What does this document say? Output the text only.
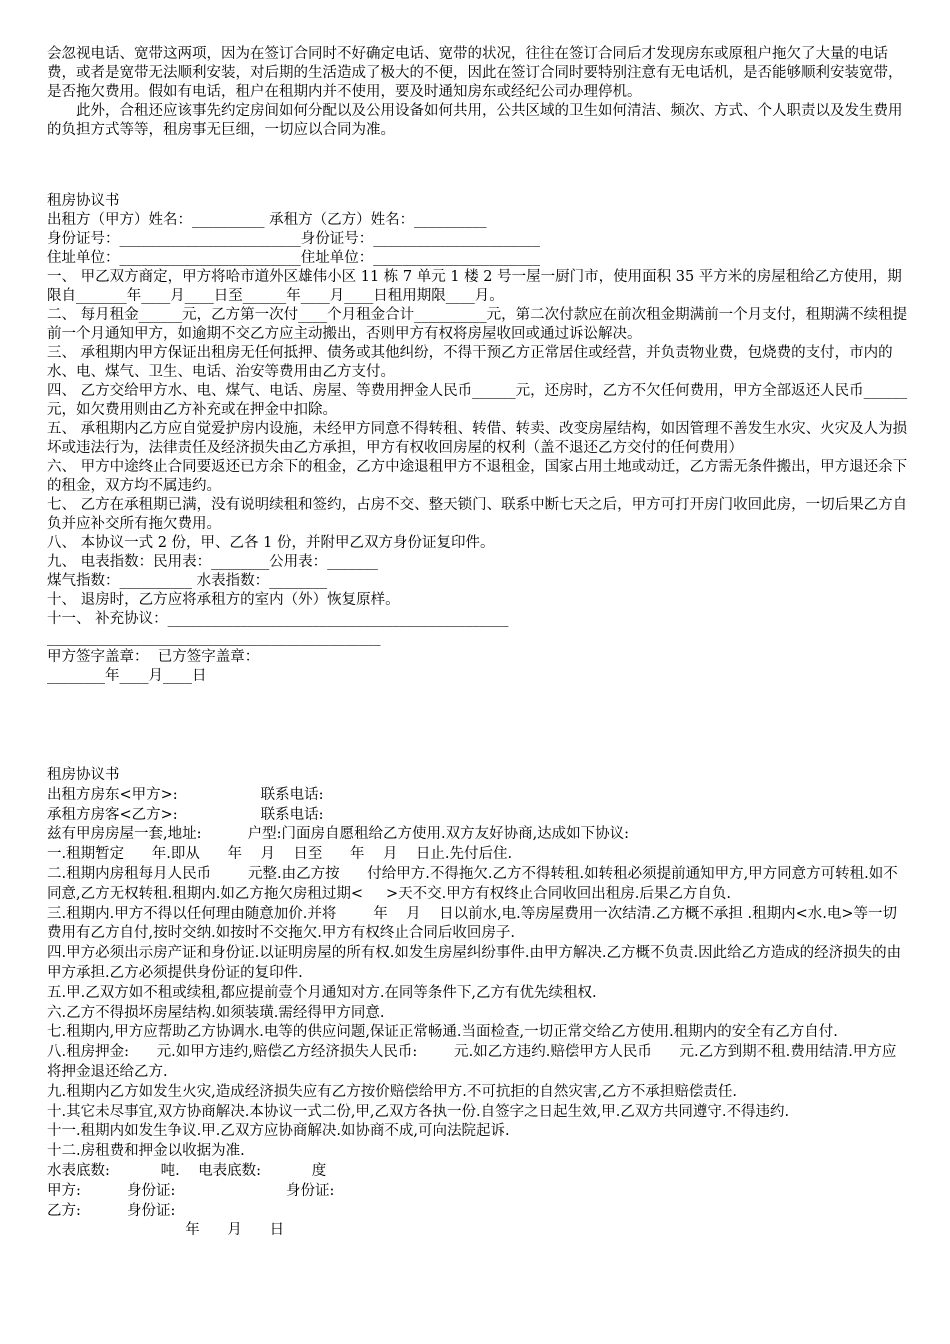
会忽视电话、宽带这两项，因为在签订合同时不好确定电话、宽带的状况，往往在签订合同后才发现房东或原租户拖欠了大量的电话费，或者是宽带无法顺利安装，对后期的生活造成了极大的不便，因此在签订合同时要特别注意有无电话机，是否能够顺利安装宽带，是否拖欠费用。假如有电话，租户在租期内并不使用，要及时通知房东或经纪公司办理停机。

此外，合租还应该事先约定房间如何分配以及公用设备如何共用，公共区域的卫生如何清洁、频次、方式、个人职责以及发生费用的负担方式等等，租房事无巨细，一切应以合同为准。

租房协议书

出租方（甲方）姓名：__________ 承租方（乙方）姓名：__________

身份证号：_________________________身份证号：_______________________

住址单位：_________________________住址单位：_______________________

一、 甲乙双方商定，甲方将哈市道外区雄伟小区 11 栋 7 单元 1 楼 2 号一屋一厨门市，使用面积 35 平方米的房屋租给乙方使用，期限自_______年____月____日至______年____月____日租用期限____月。

二、 每月租金______元，乙方第一次付____个月租金合计__________元，第二次付款应在前次租金期满前一个月支付，租期满不续租提前一个月通知甲方，如逾期不交乙方应主动搬出，否则甲方有权将房屋收回或通过诉讼解决。

三、 承租期内甲方保证出租房无任何抵押、债务或其他纠纷，不得干预乙方正常居住或经营，并负责物业费，包烧费的支付，市内的水、电、煤气、卫生、电话、治安等费用由乙方支付。

四、 乙方交给甲方水、电、煤气、电话、房屋、等费用押金人民币______元，还房时，乙方不欠任何费用，甲方全部返还人民币______元，如欠费用则由乙方补充或在押金中扣除。

五、 承租期内乙方应自觉爱护房内设施，未经甲方同意不得转租、转借、转卖、改变房屋结构，如因管理不善发生水灾、火灾及人为损坏或违法行为，法律责任及经济损失由乙方承担，甲方有权收回房屋的权利（盖不退还乙方交付的任何费用）

六、 甲方中途终止合同要返还已方余下的租金，乙方中途退租甲方不退租金，国家占用土地或动迁，乙方需无条件搬出，甲方退还余下的租金，双方均不属违约。

七、 乙方在承租期已满，没有说明续租和签约，占房不交、整天锁门、联系中断七天之后，甲方可打开房门收回此房，一切后果乙方自负并应补交所有拖欠费用。

八、 本协议一式 2 份，甲、乙各 1 份，并附甲乙双方身份证复印件。

九、 电表指数：民用表：________公用表：_______

煤气指数：__________ 水表指数：________

十、 退房时，乙方应将承租方的室内（外）恢复原样。

十一、 补充协议：_______________________________________________

______________________________________________

甲方签字盖章：  已方签字盖章：

________年____月____日

租房协议书

出租方房东<甲方>:                  联系电话:

承租方房客<乙方>:                  联系电话:

兹有甲房房屋一套,地址:          户型:门面房自愿租给乙方使用.双方友好协商,达成如下协议:

一.租期暂定      年.即从      年    月    日至      年    月    日止.先付后住.

二.租期内房租每月人民币        元整.由乙方按      付给甲方.不得拖欠.乙方不得转租.如转租必须提前通知甲方,甲方同意方可转租.如不同意,乙方无权转租.租期内.如乙方拖欠房租过期<     >天不交.甲方有权终止合同收回出租房.后果乙方自负.

三.租期内.甲方不得以任何理由随意加价.并将        年    月    日以前水,电.等房屋费用一次结清.乙方概不承担 .租期内<水.电>等一切费用有乙方自付,按时交纳.如按时不交拖欠.甲方有权终止合同后收回房子.

四.甲方必须出示房产证和身份证.以证明房屋的所有权.如发生房屋纠纷事件.由甲方解决.乙方概不负责.因此给乙方造成的经济损失的由甲方承担.乙方必须提供身份证的复印件.

五.甲.乙双方如不租或续租,都应提前壹个月通知对方.在同等条件下,乙方有优先续租权.

六.乙方不得损坏房屋结构.如须装璜.需经得甲方同意.

七.租期内,甲方应帮助乙方协调水.电等的供应问题,保证正常畅通.当面检查,一切正常交给乙方使用.租期内的安全有乙方自付.

八.租房押金:      元.如甲方违约,赔偿乙方经济损失人民币:        元.如乙方违约.赔偿甲方人民币      元.乙方到期不租.费用结清.甲方应将押金退还给乙方.

九.租期内乙方如发生火灾,造成经济损失应有乙方按价赔偿给甲方.不可抗拒的自然灾害,乙方不承担赔偿责任.

十.其它未尽事宜,双方协商解决.本协议一式二份,甲,乙双方各执一份.自签字之日起生效,甲.乙双方共同遵守.不得违约.

十一.租期内如发生争议.甲.乙双方应协商解决.如协商不成,可向法院起诉.

十二.房租费和押金以收据为准.

水表底数:           吨.    电表底数:           度

甲方:          身份证:                        身份证:

乙方:          身份证:

年      月      日
